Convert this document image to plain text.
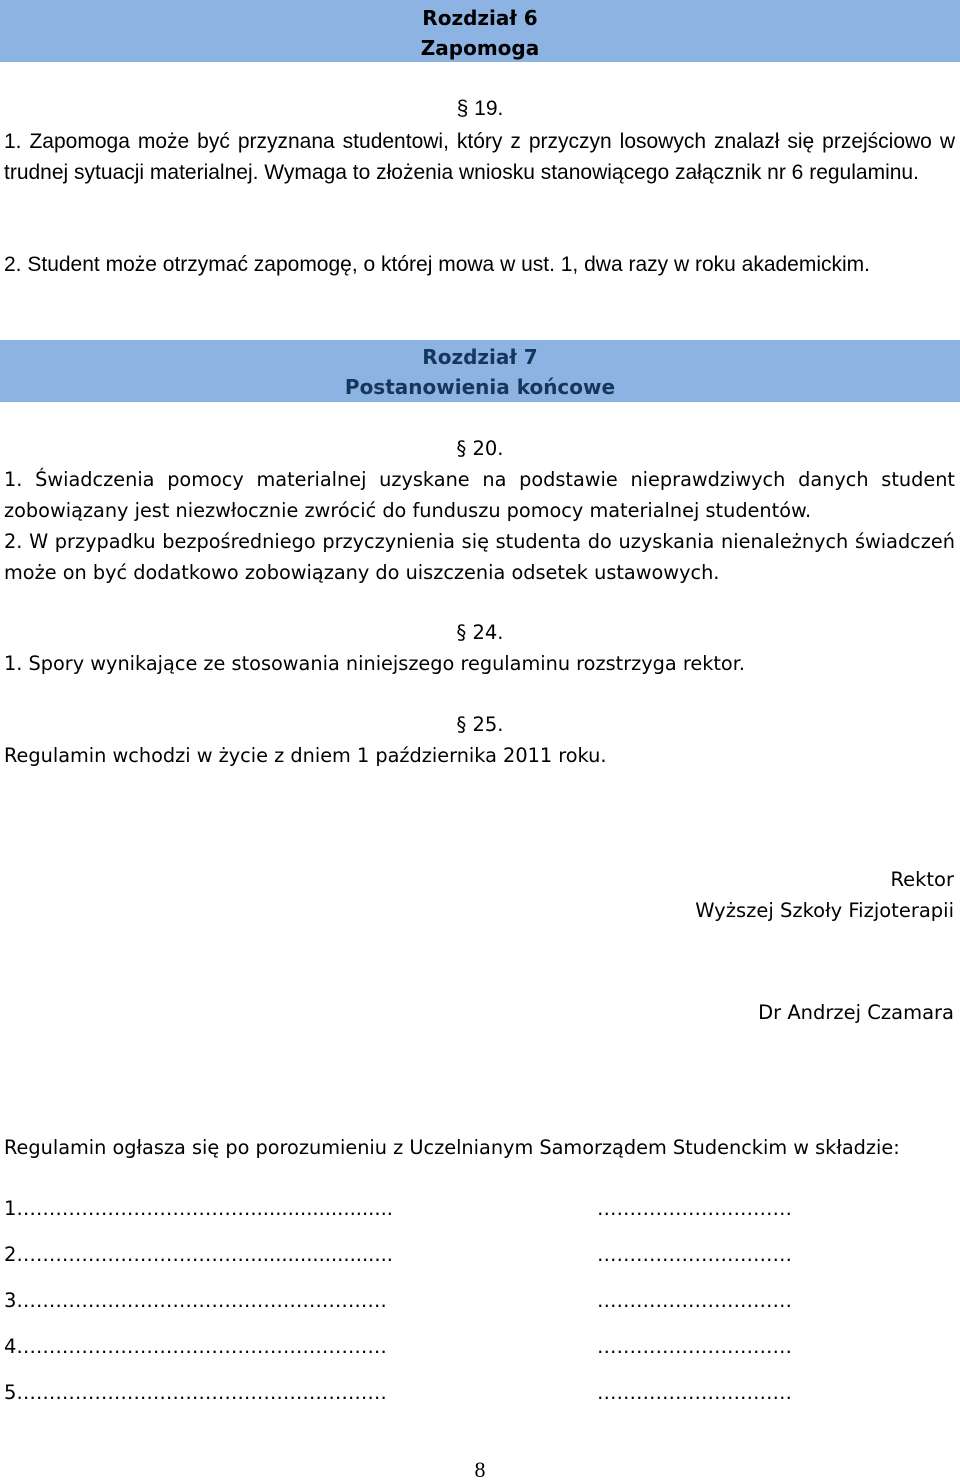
Rozdział 6
Zapomoga
§ 19.
1. Zapomoga może być przyznana studentowi, który z przyczyn losowych znalazł się przejściowo w trudnej sytuacji materialnej. Wymaga to złożenia wniosku stanowiącego załącznik nr 6 regulaminu.
2. Student może otrzymać zapomogę, o której mowa w ust. 1, dwa razy w roku akademickim.
Rozdział 7
Postanowienia końcowe
§ 20.
1. Świadczenia pomocy materialnej uzyskane na podstawie nieprawdziwych danych student zobowiązany jest niezwłocznie zwrócić do funduszu pomocy materialnej studentów.
2. W przypadku bezpośredniego przyczynienia się studenta do uzyskania nienależnych świadczeń może on być dodatkowo zobowiązany do uiszczenia odsetek ustawowych.
§ 24.
1. Spory wynikające ze stosowania niniejszego regulaminu rozstrzyga rektor.
§ 25.
Regulamin wchodzi w życie z dniem 1 października 2011 roku.
Rektor
Wyższej Szkoły Fizjoterapii
Dr Andrzej Czamara
Regulamin ogłasza się po porozumieniu z Uczelnianym Samorządem Studenckim w składzie:
1……………………………….......................	…………………………
2……………………………….......................	…………………………
3…………………………………………………	…………………………
4…………………………………………………	…………………………
5…………………………………………………	…………………………
8
